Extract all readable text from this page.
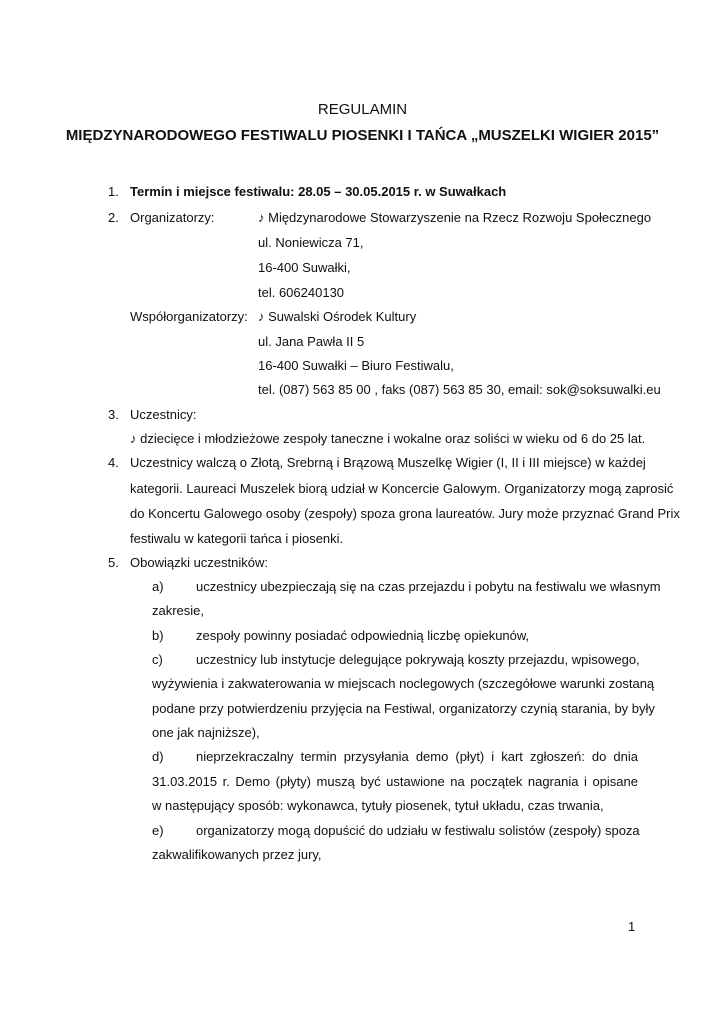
REGULAMIN
MIĘDZYNARODOWEGO FESTIWALU PIOSENKI I TAŃCA „MUSZELKI WIGIER 2015”
1. Termin i miejsce festiwalu: 28.05 – 30.05.2015 r. w Suwałkach
2. Organizatorzy:	♪ Międzynarodowe Stowarzyszenie na Rzecz Rozwoju Społecznego
ul. Noniewicza 71,
16-400 Suwałki,
tel. 606240130
Współorganizatorzy: ♪ Suwalski Ośrodek Kultury
ul. Jana Pawła II 5
16-400 Suwałki – Biuro Festiwalu,
tel. (087) 563 85 00 , faks (087) 563 85 30, email: sok@soksuwalki.eu
3. Uczestnicy:
♪ dziecięce i młodzieżowe zespoły taneczne i wokalne oraz soliści w wieku od 6 do 25 lat.
4. Uczestnicy walczą o Złotą, Srebrną i Brązową Muszelkę Wigier (I, II i III miejsce) w każdej
kategorii. Laureaci Muszelek biorą udział w Koncercie Galowym. Organizatorzy mogą zaprosić
do Koncertu Galowego osoby (zespoły) spoza grona laureatów. Jury może przyznać Grand Prix
festiwalu w kategorii tańca i piosenki.
5. Obowiązki uczestników:
a) uczestnicy ubezpieczają się na czas przejazdu i pobytu na festiwalu we własnym
zakresie,
b) zespoły powinny posiadać odpowiednią liczbę opiekunów,
c)	uczestnicy lub instytucje delegujące pokrywają koszty przejazdu, wpisowego,
wyżywienia i zakwaterowania w miejscach noclegowych (szczegółowe warunki zostaną
podane przy potwierdzeniu przyjęcia na Festiwal, organizatorzy czynią starania, by były
one jak najniższe),
d) nieprzekraczalny termin przysyłania demo (płyt) i kart zgłoszeń: do dnia
31.03.2015 r. Demo (płyty) muszą być ustawione na początek nagrania i opisane
w następujący sposób: wykonawca, tytuły piosenek, tytuł układu, czas trwania,
e) organizatorzy mogą dopuścić do udziału w festiwalu solistów (zespoły) spoza
zakwalifikowanych przez jury,
1
